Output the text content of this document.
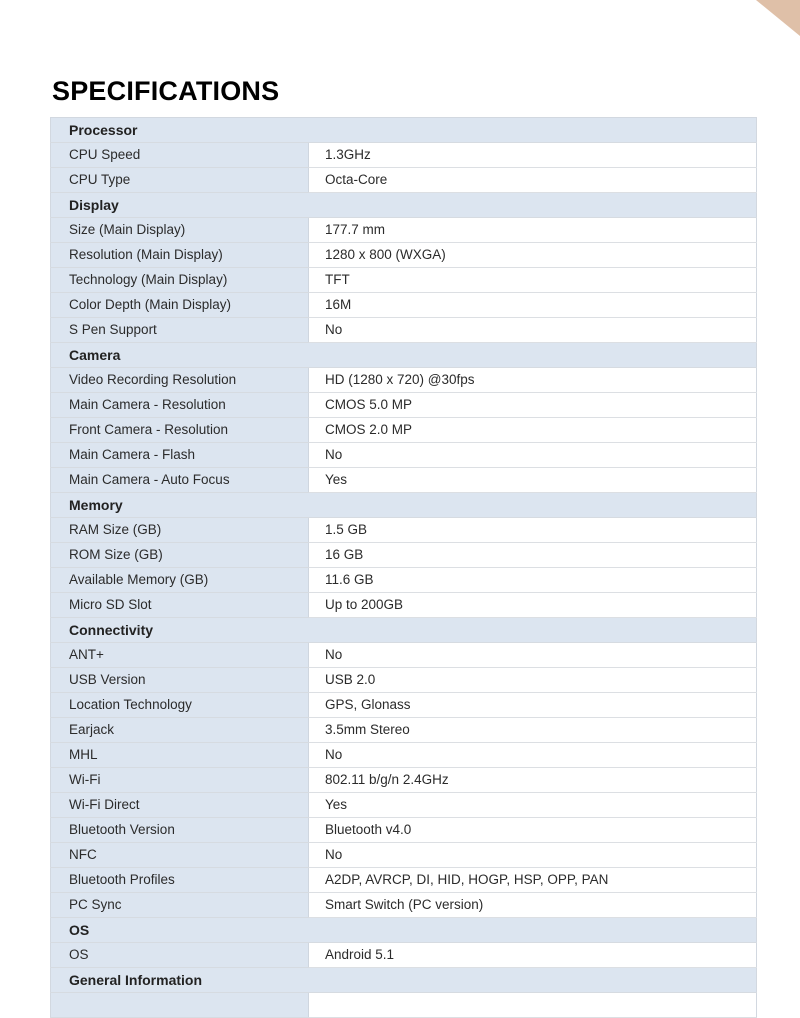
SPECIFICATIONS
Processor	
CPU Speed	1.3GHz
CPU Type	Octa-Core
Display	
Size (Main Display)	177.7 mm
Resolution (Main Display)	1280 x 800 (WXGA)
Technology (Main Display)	TFT
Color Depth (Main Display)	16M
S Pen Support	No
Camera	
Video Recording Resolution	HD (1280 x 720) @30fps
Main Camera - Resolution	CMOS 5.0 MP
Front Camera - Resolution	CMOS 2.0 MP
Main Camera - Flash	No
Main Camera - Auto Focus	Yes
Memory	
RAM Size (GB)	1.5 GB
ROM Size (GB)	16 GB
Available Memory (GB)	11.6 GB
Micro SD Slot	Up to 200GB
Connectivity	
ANT+	No
USB Version	USB 2.0
Location Technology	GPS, Glonass
Earjack	3.5mm Stereo
MHL	No
Wi-Fi	802.11 b/g/n 2.4GHz
Wi-Fi Direct	Yes
Bluetooth Version	Bluetooth v4.0
NFC	No
Bluetooth Profiles	A2DP, AVRCP, DI, HID, HOGP, HSP, OPP, PAN
PC Sync	Smart Switch (PC version)
OS	
OS	Android 5.1
General Information	
